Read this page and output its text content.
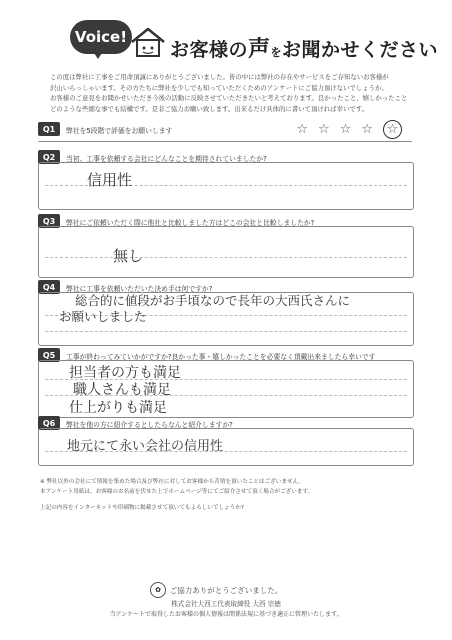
Voice!
お客様の声をお聞かせください
この度は弊社に工事をご用命頂誠にありがとうございました。皆の中には弊社の存在やサービスをご存知ないお客様が
沢山いらっしゃいます。その方たちに弊社を少しでも知っていただくためのアンケートにご協力頂けないでしょうか。
お客様のご意見をお聞かせいただき今後の活動に反映させていただきたいと考えております。良かったこと、嬉しかったこと
どのような些細な事でも結構です。是非ご協力お願い致します。出来るだけ具体的に書いて頂ければ幸いです。
Q1	弊社を5段階で評価をお願いします	☆☆☆☆ ☆
Q2	当初、工事を依頼する会社にどんなことを期待されていましたか?
信用性
Q3	弊社にご依頼いただく際に他社と比較しました方はどこの会社と比較しましたか?
無し
Q4	弊社に工事を依頼いただいた決め手は何ですか?
総合的に値段がお手頃なので長年の大西氏さんに
お願いしました
Q5	工事が終わってみていかがですか?良かった事・嬉しかったことを必要なく頂戴出来ましたら幸いです
担当者の方も満足
職人さんも満足
仕上がりも満足
Q6	弊社を他の方に紹介するとしたらなんと紹介しますか?
地元にて永い会社の信用性
※ 弊社以外の会社にて情報を集めた場合及び弊社に対してお客様から苦情を頂いたことはございません。
本アンケート用紙は、お客様のお名前を伏せた上でホームページ等にてご紹介させて頂く場合がございます。
上記の内容をインターネットや印刷物に掲載させて頂いてもよろしいでしょうか?
✿	ご協力ありがとうございました。
株式会社大西工代表取締役 大西 宗徳
当アンケートで取得したお客様の個人情報は関係法規に基づき適正に管理いたします。
